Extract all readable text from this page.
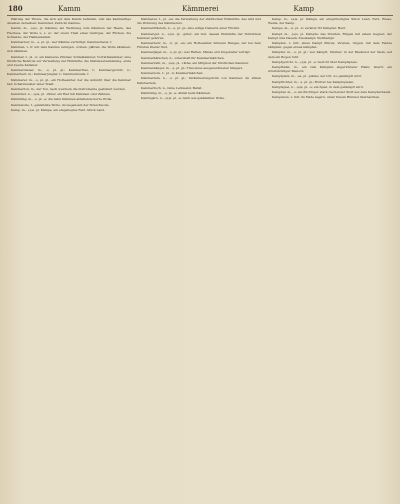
180	Kamm	Kämmerei	Kamp

Haltung der Thiere, die sich auf dem Kamm befinden, und das kammartige Ansehen derselben; Kammrad, Zahn im Kamme.

Kamm, m., -(e)s, pl. Kämme; ein Werkzeug zum Kämmen der Haare, des Flachses, der Wolle u. s. w.; der obere Theil eines Gebirges, der Rücken, die Schneide; der Hahnenkamm.

Kammacher, m., -s, pl. gl., wer Kämme verfertigt; Kammacherei, f.

Kämmen, v. tr. mit dem Kamme reinigen, ordnen, glätten; die Wolle kämmen; sich kämmen.

Kammer, f., pl. -n; ein kleineres Zimmer, Schlafkammer, Vorrathskammer; eine fürstliche Behörde zur Verwaltung der Einkünfte; die Ständeversammlung, erste und zweite Kammer.

Kammerdiener, m., -s, pl. gl.; Kammerfrau, f.; Kammergericht, n.; Kammerherr, m.; Kammerjungfer, f.; Kammermusik, f.

Kämmerer, m., -s, pl. gl., ein Hofbeamter, der die Aufsicht über die Kammer hat; Schatzmeister einer Stadt.

Kammerton, m., der Ton, nach welchem die Instrumente gestimmt werden.

Kammrad, n., -(e)s, pl. -räder; ein Rad mit Kämmen oder Zähnen.

Kämmling, m., -s, pl. -e; die beim Kämmen abfallende kurze Wolle.

Kammwolle, f., gekämmte Wolle, im Gegensatz der Streichwolle.

Kamp, m., -(e)s, pl. Kämpe; ein eingehegtes Feld, Stück Land.

Kämmerei, f., pl. -en; die Verwaltung der städtischen Einkünfte; das Amt und die Wohnung des Kämmerers.

Kammerfräulein, n., -s, pl. gl.; eine adlige Dienerin einer Fürstin.

Kammergut, n., -(e)s, pl. -güter; ein Gut, dessen Einkünfte der fürstlichen Kammer gehören.

Kammerherr, m., -n, pl. -en; ein Hofbeamter höheren Ranges, der bei dem Fürsten Dienst thut.

Kammerjäger, m., -s, pl. gl.; wer Ratten, Mäuse und Ungeziefer vertilgt.

Kammerkätzchen, n., scherzhaft für Kammermädchen.

Kammerrath, m., -(e)s, pl. -räthe; ein Mitglied der fürstlichen Kammer.

Kammersänger, m., -s, pl. gl.; Titel eines ausgezeichneten Sängers.

Kammerzofe, f., pl. -n; Kammermädchen.

Kämmerlein, n., -s, pl. gl.; Verkleinerungsform von Kammer; im stillen Kämmerlein.

Kammertuch, n., feine Leinwand, Batist.

Kämmling, m., -s, pl. -e; Abfall beim Kämmen.

Kammgarn, n., -(e)s, pl. -e; Garn aus gekämmter Wolle.

Kamp, m., -(e)s, pl. Kämpe; ein eingefriedigtes Stück Land, Feld, Wiese, Weide; der Kamp.

Kampe, m., -n, pl. -n; veraltet für Kämpfer, Held.

Kampf, m., -(e)s, pl. Kämpfe; das Streiten, Ringen mit einem Gegner; der Kampf ums Dasein; Zweikampf, Wettkampf.

Kämpfen, v. intr. einen Kampf führen, streiten, ringen; mit dem Feinde kämpfen; gegen etwas kämpfen.

Kämpfer, m., -s, pl. gl.; wer kämpft, Streiter; in der Baukunst der Stein, auf dem ein Bogen ruht.

Kampfgericht, n., -(e)s, pl. -e; Gericht über Kampfspiele.

Kampfhahn, m., ein zum Kämpfen abgerichteter Hahn; übertr. ein streitsüchtiger Mensch.

Kampfplatz, m., -es, pl. -plätze; der Ort, wo gekämpft wird.

Kampfrichter, m., -s, pl. gl.; Richter bei Kampfspielen.

Kampfspiel, n., -(e)s, pl. -e; ein Spiel, in dem gekämpft wird.

Kampher, m., -s; ein flüchtiger, stark riechender Stoff aus dem Kampherbaum.

Kampieren, v. intr. im Felde lagern, unter freiem Himmel übernachten.
